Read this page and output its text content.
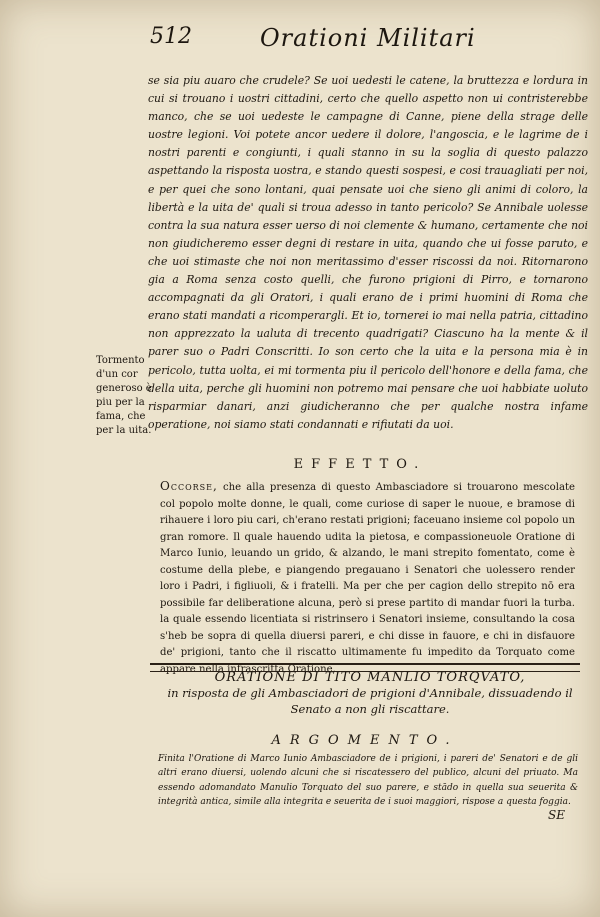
512	Orationi Militari

se sia piu auaro che crudele? Se uoi uedesti le catene, la bruttezza e lordura in cui si trouano i uostri cittadini, certo che quello aspetto non ui contristerebbe manco, che se uoi uedeste le campagne di Canne, piene della strage delle uostre legioni. Voi potete ancor uedere il dolore, l'angoscia, e le lagrime de i nostri parenti e congiunti, i quali stanno in su la soglia di questo palazzo aspettando la risposta uostra, e stando questi sospesi, e cosi trauagliati per noi, e per quei che sono lontani, quai pensate uoi che sieno gli animi di coloro, la libertà e la uita de' quali si troua adesso in tanto pericolo? Se Annibale uolesse contra la sua natura esser uerso di noi clemente & humano, certamente che noi non giudicheremo esser degni di restare in uita, quando che ui fosse paruto, e che uoi stimaste che noi non meritassimo d'esser riscossi da noi. Ritornarono gia a Roma senza costo quelli, che furono prigioni di Pirro, e tornarono accompagnati da gli Oratori, i quali erano de i primi huomini di Roma che erano stati mandati a ricomperargli. Et io, tornerei io mai nella patria, cittadino non apprezzato la ualuta di trecento quadrigati? Ciascuno ha la mente & il parer suo o Padri Conscritti. Io son certo che la uita e la persona mia è in pericolo, tutta uolta, ei mi tormenta piu il pericolo dell'honore e della fama, che della uita, perche gli huomini non potremo mai pensare che uoi habbiate uoluto risparmiar danari, anzi giudicheranno che per qualche nostra infame operatione, noi siamo stati condannati e rifiutati da uoi.

Tormento d'un cor generoso è piu per la fama, che per la uita.
EFFETTO.

Occorse, che alla presenza di questo Ambasciadore si trouarono mescolate col popolo molte donne, le quali, come curiose di saper le nuoue, e bramose di rihauere i loro piu cari, ch'erano restati prigioni; faceuano insieme col popolo un gran romore. Il quale hauendo udita la pietosa, e compassioneuole Oratione di Marco Iunio, leuando un grido, & alzando, le mani strepito fomentato, come è costume della plebe, e piangendo pregauano i Senatori che uolessero render loro i Padri, i figliuoli, & i fratelli. Ma per che per cagion dello strepito nō era possibile far deliberatione alcuna, però si prese partito di mandar fuori la turba. la quale essendo licentiata si ristrinsero i Senatori insieme, consultando la cosa s'heb be sopra di quella diuersi pareri, e chi disse in fauore, e chi in disfauore de' prigioni, tanto che il riscatto ultimamente fu impedito da Torquato come appare nella infrascritta Oratione.

ORATIONE DI TITO MANLIO TORQVATO,
in risposta de gli Ambasciadori de prigioni d'Annibale, dissuadendo il Senato a non gli riscattare.
ARGOMENTO.

Finita l'Oratione di Marco Iunio Ambasciadore de i prigioni, i pareri de' Senatori e de gli altri erano diuersi, uolendo alcuni che si riscatessero del publico, alcuni del priuato. Ma essendo adomandato Manulio Torquato del suo parere, e stādo in quella sua seuerita & integrità antica, simile alla integrita e seuerita de i suoi maggiori, rispose a questa foggia.

SE
